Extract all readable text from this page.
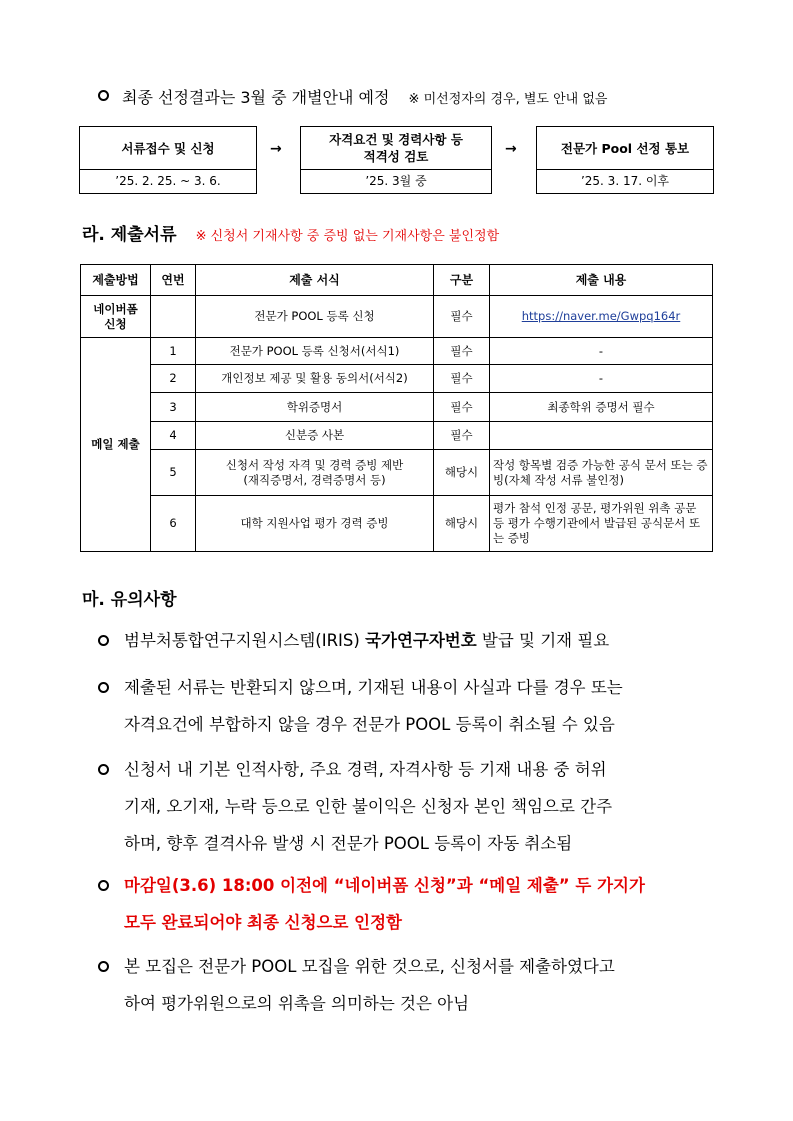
최종 선정결과는 3월 중 개별안내 예정 ※ 미선정자의 경우, 별도 안내 없음
서류접수 및 신청
’25. 2. 25. ~ 3. 6.
→
자격요건 및 경력사항 등
적격성 검토
’25. 3월 중
→	전문가 Pool 선정 통보
’25. 3. 17. 이후
라. 제출서류 ※ 신청서 기재사항 중 증빙 없는 기재사항은 불인정함
제출방법	연번	제출 서식	구분	제출 내용
네이버폼
신청		전문가 POOL 등록 신청	필수	https://naver.me/Gwpq164r
메일 제출	1	전문가 POOL 등록 신청서(서식1)	필수	-
	2	개인정보 제공 및 활용 동의서(서식2)	필수	-
	3	학위증명서	필수	최종학위 증명서 필수
	4	신분증 사본	필수	
	5	신청서 작성 자격 및 경력 증빙 제반
(재직증명서, 경력증명서 등)	해당시	작성 항목별 검증 가능한 공식 문서 또는 증빙(자체 작성 서류 불인정)
	6	대학 지원사업 평가 경력 증빙	해당시	평가 참석 인정 공문, 평가위원 위촉 공문 등 평가 수행기관에서 발급된 공식문서 또는 증빙
마. 유의사항
범부처통합연구지원시스템(IRIS) 국가연구자번호 발급 및 기재 필요
제출된 서류는 반환되지 않으며, 기재된 내용이 사실과 다를 경우 또는
자격요건에 부합하지 않을 경우 전문가 POOL 등록이 취소될 수 있음
신청서 내 기본 인적사항, 주요 경력, 자격사항 등 기재 내용 중 허위
기재, 오기재, 누락 등으로 인한 불이익은 신청자 본인 책임으로 간주
하며, 향후 결격사유 발생 시 전문가 POOL 등록이 자동 취소됨
마감일(3.6) 18:00 이전에 “네이버폼 신청”과 “메일 제출” 두 가지가
모두 완료되어야 최종 신청으로 인정함
본 모집은 전문가 POOL 모집을 위한 것으로, 신청서를 제출하였다고
하여 평가위원으로의 위촉을 의미하는 것은 아님
